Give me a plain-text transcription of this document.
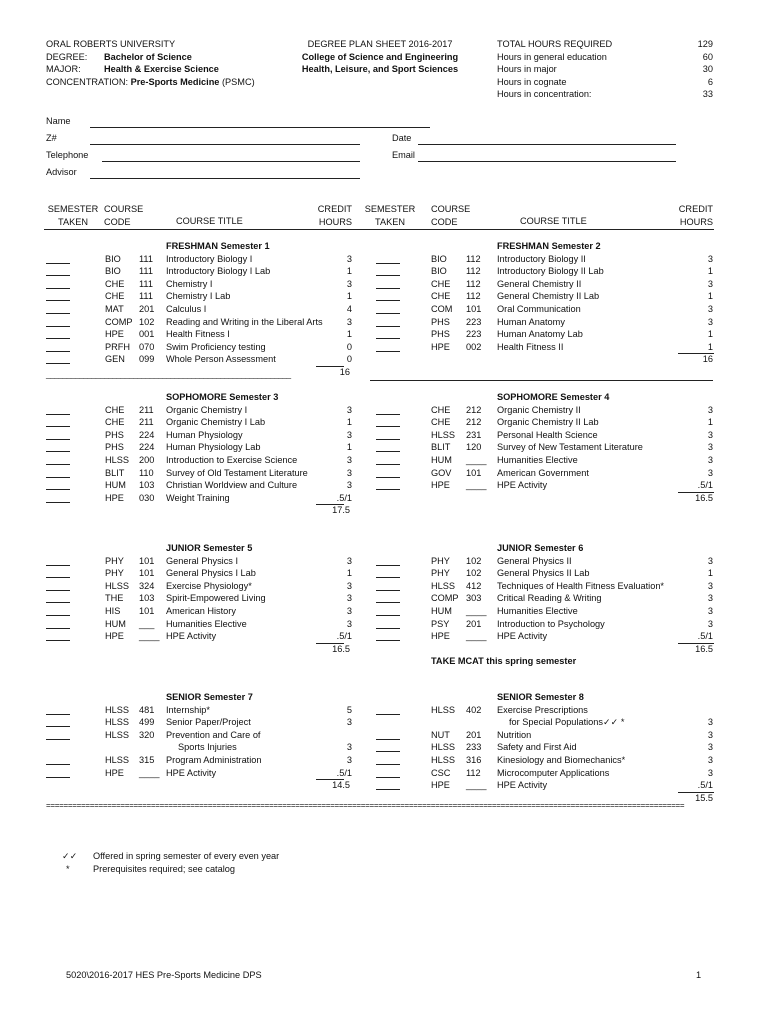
ORAL ROBERTS UNIVERSITY
DEGREE: Bachelor of Science
MAJOR:	Health & Exercise Science
CONCENTRATION: Pre-Sports Medicine (PSMC)
DEGREE PLAN SHEET 2016-2017
College of Science and Engineering
Health, Leisure, and Sport Sciences
TOTAL HOURS REQUIRED	129
Hours in general education	60
Hours in major	30
Hours in cognate	6
Hours in concentration:	33
Name
Z#	Date
Telephone	Email
Advisor
SEMESTER
TAKEN
COURSE
CODE	COURSE TITLE
CREDIT
HOURS
SEMESTER
TAKEN
COURSE
CODE	COURSE TITLE
CREDIT
HOURS
FRESHMAN Semester 1
BIO 111 Introductory Biology I	3
BIO 111 Introductory Biology I Lab	1
CHE 111 Chemistry I	3
CHE 111 Chemistry I Lab	1
MAT 201 Calculus I	4
COMP 102 Reading and Writing in the Liberal Arts	3
HPE 001 Health Fitness I	1
PRFH 070 Swim Proficiency testing	0
GEN 099 Whole Person Assessment	0
16
SOPHOMORE Semester 3
CHE 211 Organic Chemistry I	3
CHE 211 Organic Chemistry I Lab	1
PHS 224 Human Physiology	3
PHS 224 Human Physiology Lab	1
HLSS 200 Introduction to Exercise Science	3
BLIT 110 Survey of Old Testament Literature	3
HUM 103 Christian Worldview and Culture	3
HPE 030 Weight Training	.5/1
17.5
JUNIOR Semester 5
PHY 101 General Physics I	3
PHY 101 General Physics I Lab	1
HLSS 324 Exercise Physiology*	3
THE 103 Spirit-Empowered Living	3
HIS 101 American History	3
HUM ___ Humanities Elective	3
HPE ____ HPE Activity	.5/1
16.5
SENIOR Semester 7
HLSS 481 Internship*	5
HLSS 499 Senior Paper/Project	3
HLSS 320 Prevention and Care of
Sports Injuries	3
HLSS 315 Program Administration	3
HPE ____ HPE Activity	.5/1
14.5
FRESHMAN Semester 2
BIO 112 Introductory Biology II	3
BIO 112 Introductory Biology II Lab	1
CHE 112 General Chemistry II	3
CHE 112 General Chemistry II Lab	1
COM 101 Oral Communication	3
PHS 223 Human Anatomy	3
PHS 223 Human Anatomy Lab	1
HPE 002 Health Fitness II	1
16
SOPHOMORE Semester 4
CHE 212 Organic Chemistry II	3
CHE 212 Organic Chemistry II Lab	1
HLSS 231 Personal Health Science	3
BLIT 120 Survey of New Testament Literature	3
HUM ____ Humanities Elective	3
GOV 101 American Government	3
HPE ____ HPE Activity	.5/1
16.5
JUNIOR Semester 6
PHY 102 General Physics II	3
PHY 102 General Physics II Lab	1
HLSS 412 Techniques of Health Fitness Evaluation*	3
COMP 303 Critical Reading & Writing	3
HUM ____ Humanities Elective	3
PSY 201 Introduction to Psychology	3
HPE ____ HPE Activity	.5/1
16.5
TAKE MCAT this spring semester
SENIOR Semester 8
HLSS 402 Exercise Prescriptions
for Special Populations✓✓ *	3
NUT 201 Nutrition	3
HLSS 233 Safety and First Aid	3
HLSS 316 Kinesiology and Biomechanics*	3
CSC 112 Microcomputer Applications	3
HPE ____ HPE Activity	.5/1
15.5
___________________________________________________________
==================================================================================================================================================
✓✓ Offered in spring semester of every even year
*	Prerequisites required; see catalog
5020\2016-2017 HES Pre-Sports Medicine DPS	1
